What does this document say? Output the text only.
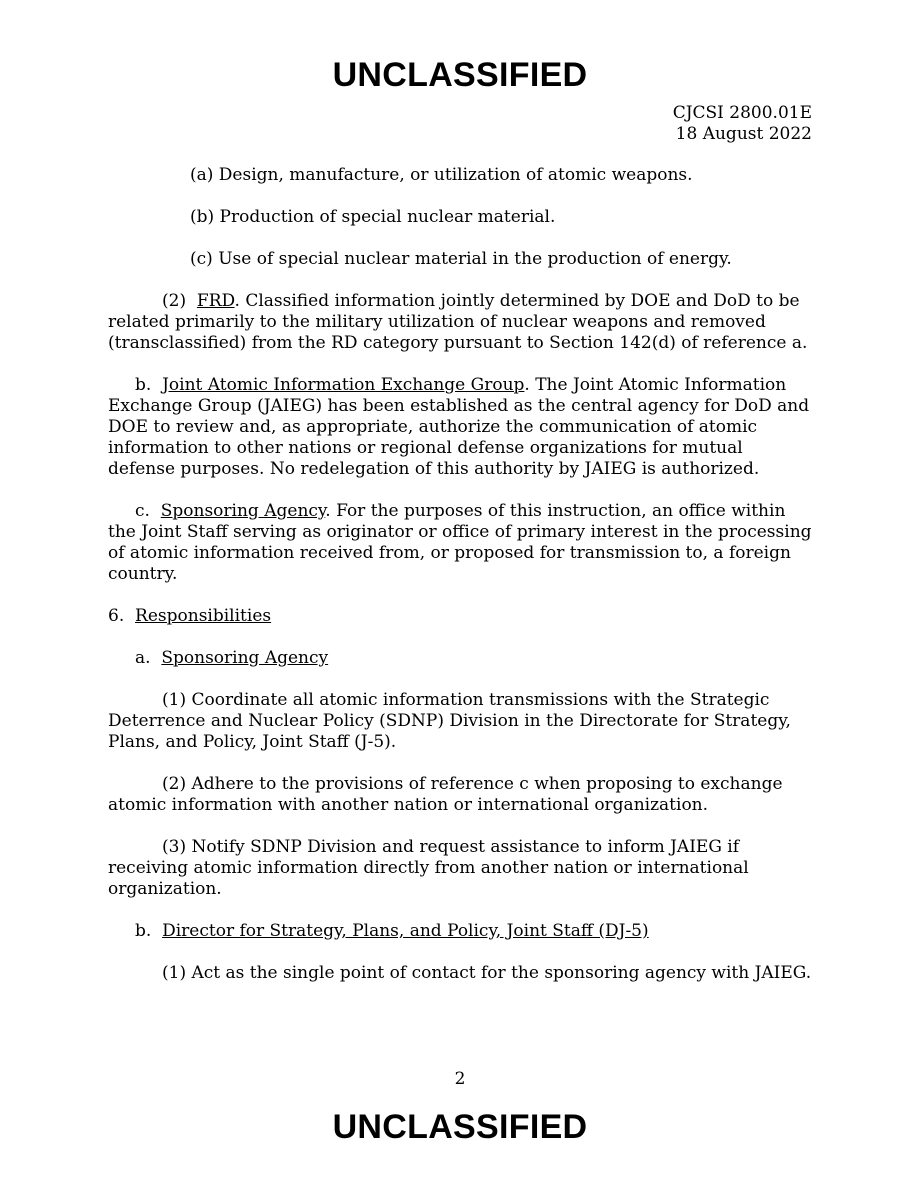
UNCLASSIFIED
CJCSI 2800.01E
18 August 2022

(a) Design, manufacture, or utilization of atomic weapons.

(b) Production of special nuclear material.

(c) Use of special nuclear material in the production of energy.

(2) FRD. Classified information jointly determined by DOE and DoD to be related primarily to the military utilization of nuclear weapons and removed (transclassified) from the RD category pursuant to Section 142(d) of reference a.

b. Joint Atomic Information Exchange Group. The Joint Atomic Information Exchange Group (JAIEG) has been established as the central agency for DoD and DOE to review and, as appropriate, authorize the communication of atomic information to other nations or regional defense organizations for mutual defense purposes. No redelegation of this authority by JAIEG is authorized.

c. Sponsoring Agency. For the purposes of this instruction, an office within the Joint Staff serving as originator or office of primary interest in the processing of atomic information received from, or proposed for transmission to, a foreign country.

6. Responsibilities

a. Sponsoring Agency

(1) Coordinate all atomic information transmissions with the Strategic Deterrence and Nuclear Policy (SDNP) Division in the Directorate for Strategy, Plans, and Policy, Joint Staff (J-5).

(2) Adhere to the provisions of reference c when proposing to exchange atomic information with another nation or international organization.

(3) Notify SDNP Division and request assistance to inform JAIEG if receiving atomic information directly from another nation or international organization.

b. Director for Strategy, Plans, and Policy, Joint Staff (DJ-5)

(1) Act as the single point of contact for the sponsoring agency with JAIEG.

2
UNCLASSIFIED
